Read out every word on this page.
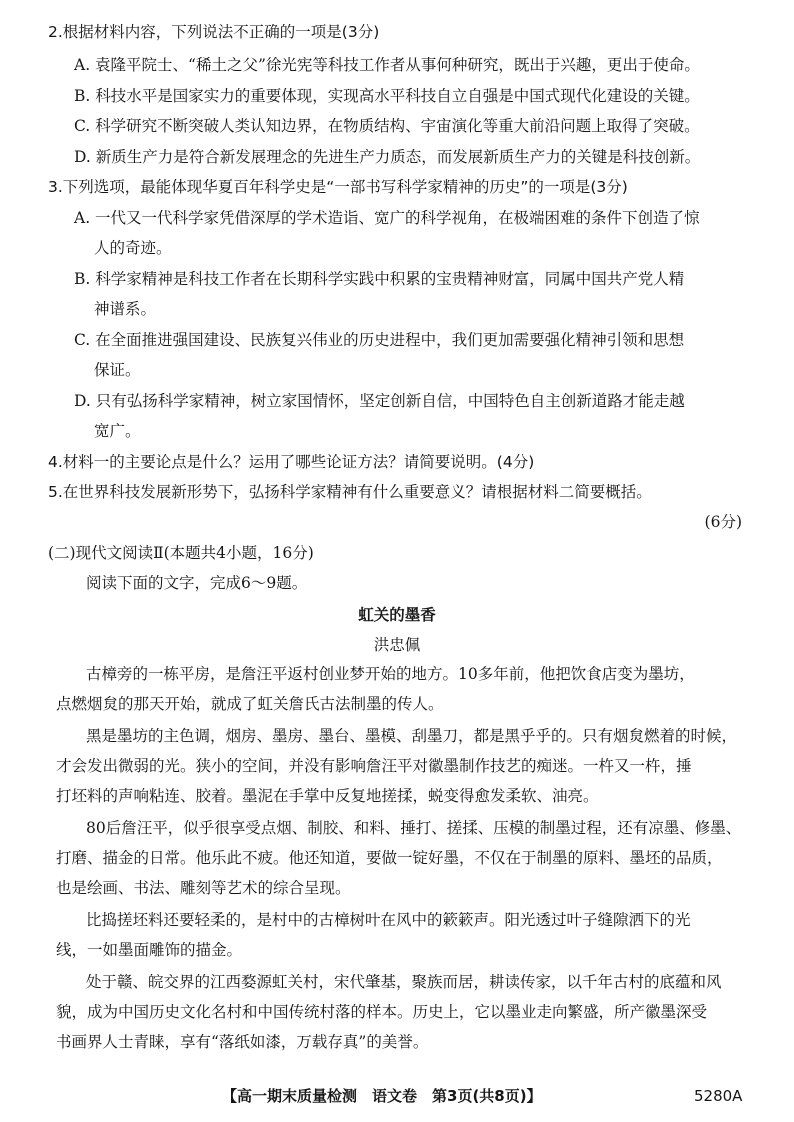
2.根据材料内容，下列说法不正确的一项是(3分)
A. 袁隆平院士、“稀土之父”徐光宪等科技工作者从事何种研究，既出于兴趣，更出于使命。
B. 科技水平是国家实力的重要体现，实现高水平科技自立自强是中国式现代化建设的关键。
C. 科学研究不断突破人类认知边界，在物质结构、宇宙演化等重大前沿问题上取得了突破。
D. 新质生产力是符合新发展理念的先进生产力质态，而发展新质生产力的关键是科技创新。
3.下列选项，最能体现华夏百年科学史是“一部书写科学家精神的历史”的一项是(3分)
A. 一代又一代科学家凭借深厚的学术造诣、宽广的科学视角，在极端困难的条件下创造了惊
人的奇迹。
B. 科学家精神是科技工作者在长期科学实践中积累的宝贵精神财富，同属中国共产党人精
神谱系。
C. 在全面推进强国建设、民族复兴伟业的历史进程中，我们更加需要强化精神引领和思想
保证。
D. 只有弘扬科学家精神，树立家国情怀，坚定创新自信，中国特色自主创新道路才能走越
宽广。
4.材料一的主要论点是什么？运用了哪些论证方法？请简要说明。(4分)
5.在世界科技发展新形势下，弘扬科学家精神有什么重要意义？请根据材料二简要概括。
(6分)
(二)现代文阅读Ⅱ(本题共4小题，16分)
阅读下面的文字，完成6～9题。
虹关的墨香
洪忠佩
古樟旁的一栋平房，是詹汪平返村创业梦开始的地方。10多年前，他把饮食店变为墨坊，
点燃烟炱的那天开始，就成了虹关詹氏古法制墨的传人。
黑是墨坊的主色调，烟房、墨房、墨台、墨模、刮墨刀，都是黑乎乎的。只有烟炱燃着的时候，
才会发出微弱的光。狭小的空间，并没有影响詹汪平对徽墨制作技艺的痴迷。一杵又一杵，捶
打坯料的声响粘连、胶着。墨泥在手掌中反复地搓揉，蜕变得愈发柔软、油亮。
80后詹汪平，似乎很享受点烟、制胶、和料、捶打、搓揉、压模的制墨过程，还有凉墨、修墨、
打磨、描金的日常。他乐此不疲。他还知道，要做一锭好墨，不仅在于制墨的原料、墨坯的品质，
也是绘画、书法、雕刻等艺术的综合呈现。
比捣搓坯料还要轻柔的，是村中的古樟树叶在风中的簌簌声。阳光透过叶子缝隙洒下的光
线，一如墨面雕饰的描金。
处于赣、皖交界的江西婺源虹关村，宋代肇基，聚族而居，耕读传家，以千年古村的底蕴和风
貌，成为中国历史文化名村和中国传统村落的样本。历史上，它以墨业走向繁盛，所产徽墨深受
书画界人士青睐，享有“落纸如漆，万载存真”的美誉。
【高一期末质量检测　语文卷　第3页(共8页)】	5280A
